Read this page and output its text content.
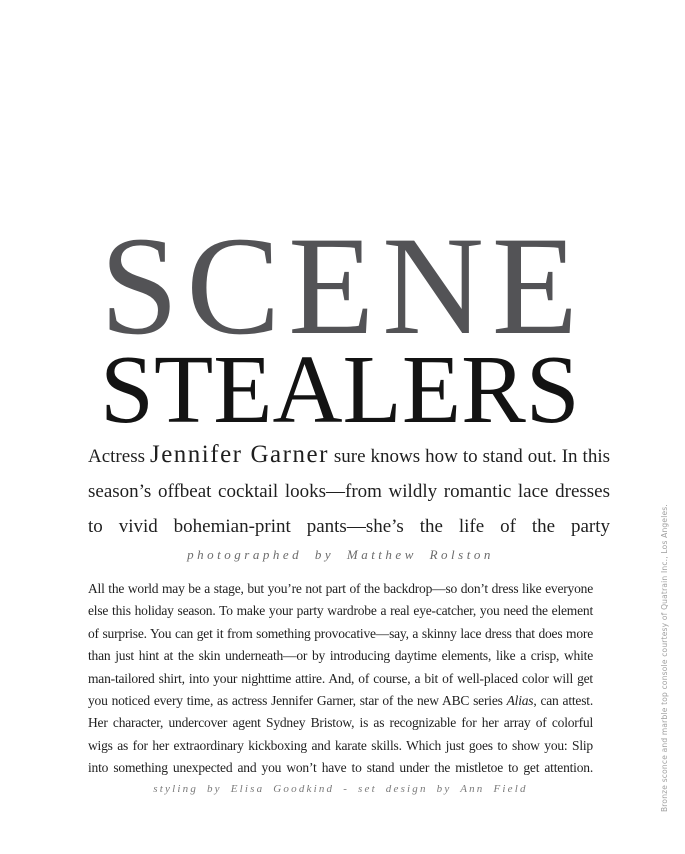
S C E N E
S T E A L E R S
Actress Jennifer Garner sure knows how to stand out. In this season’s offbeat cocktail looks—from wildly romantic lace dresses to vivid bohemian-print pants—she’s the life of the party
photographed by Matthew Rolston
All the world may be a stage, but you’re not part of the backdrop—so don’t dress like everyone else this holiday season. To make your party wardrobe a real eye-catcher, you need the element of surprise. You can get it from something provocative—say, a skinny lace dress that does more than just hint at the skin underneath—or by introducing daytime elements, like a crisp, white man-tailored shirt, into your nighttime attire. And, of course, a bit of well-placed color will get you noticed every time, as actress Jennifer Garner, star of the new ABC series Alias, can attest. Her character, undercover agent Sydney Bristow, is as recognizable for her array of colorful wigs as for her extraordinary kickboxing and karate skills. Which just goes to show you: Slip into something unexpected and you won’t have to stand under the mistletoe to get attention.
styling by Elisa Goodkind - set design by Ann Field	Bronze sconce and marble top console courtesy of Quatrain Inc., Los Angeles.
